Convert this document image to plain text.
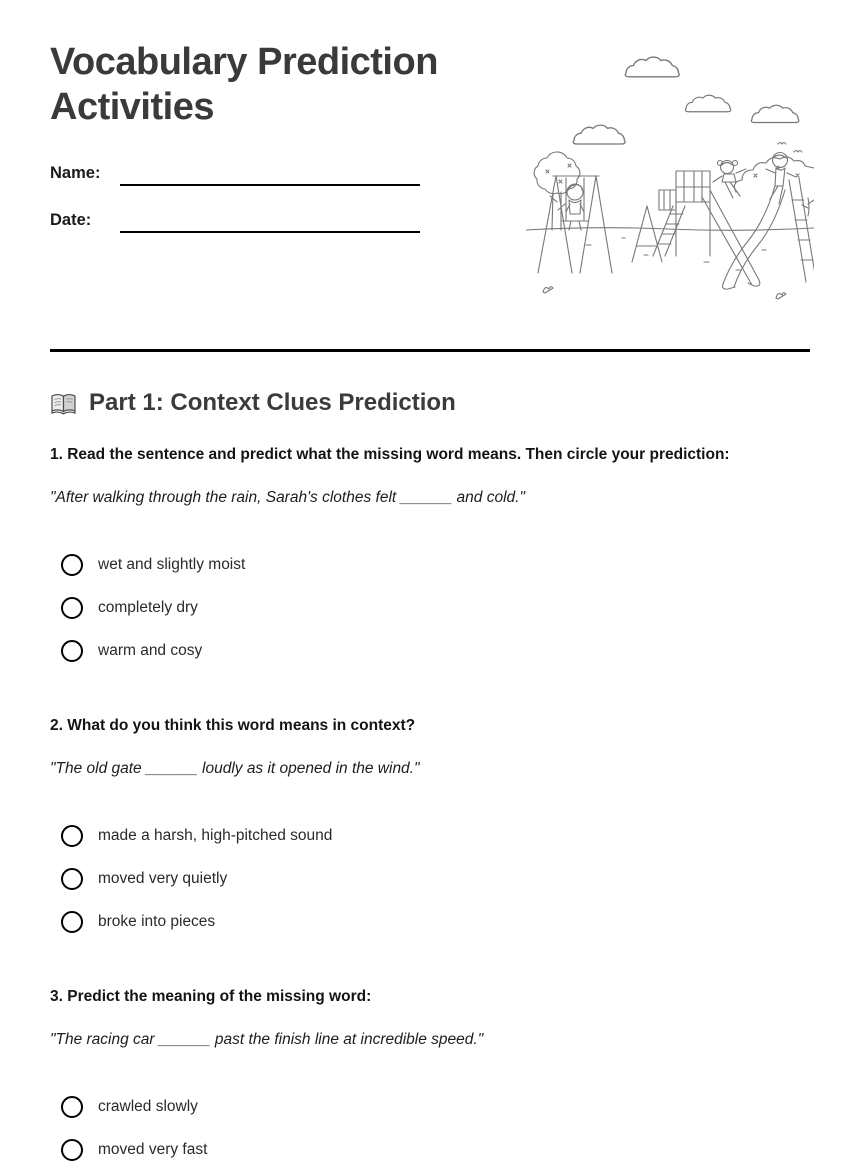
Vocabulary Prediction Activities
Name:
Date:
Part 1: Context Clues Prediction

1. Read the sentence and predict what the missing word means. Then circle your prediction:

"After walking through the rain, Sarah's clothes felt ______ and cold."

wet and slightly moist
completely dry
warm and cosy

2. What do you think this word means in context?

"The old gate ______ loudly as it opened in the wind."

made a harsh, high-pitched sound
moved very quietly
broke into pieces

3. Predict the meaning of the missing word:

"The racing car ______ past the finish line at incredible speed."

crawled slowly
moved very fast
